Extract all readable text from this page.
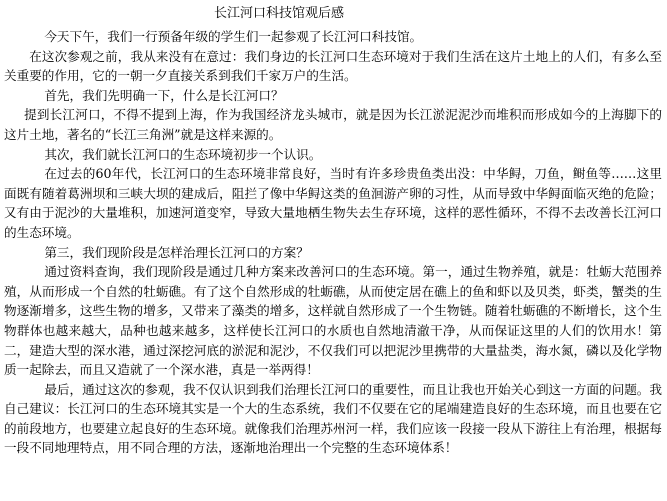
长江河口科技馆观后感

今天下午，我们一行预备年级的学生们一起参观了长江河口科技馆。

在这次参观之前，我从来没有在意过：我们身边的长江河口生态环境对于我们生活在这片土地上的人们，有多么至关重要的作用，它的一朝一夕直接关系到我们千家万户的生活。

首先，我们先明确一下，什么是长江河口？

提到长江河口，不得不提到上海，作为我国经济龙头城市，就是因为长江淤泥泥沙而堆积而形成如今的上海脚下的这片土地，著名的“长江三角洲”就是这样来源的。

其次，我们就长江河口的生态环境初步一个认识。

在过去的60年代，长江河口的生态环境非常良好，当时有许多珍贵鱼类出没：中华鲟，刀鱼，鲥鱼等……这里面既有随着葛洲坝和三峡大坝的建成后，阻拦了像中华鲟这类的鱼洄游产卵的习性，从而导致中华鲟面临灭绝的危险；又有由于泥沙的大量堆积，加速河道变窄，导致大量地栖生物失去生存环境，这样的恶性循环，不得不去改善长江河口的生态环境。

第三，我们现阶段是怎样治理长江河口的方案？

通过资料查询，我们现阶段是通过几种方案来改善河口的生态环境。第一，通过生物养殖，就是：牡蛎大范围养殖，从而形成一个自然的牡蛎礁。有了这个自然形成的牡蛎礁，从而使定居在礁上的鱼和虾以及贝类，虾类，蟹类的生物逐渐增多，这些生物的增多，又带来了藻类的增多，这样就自然形成了一个生物链。随着牡蛎礁的不断增长，这个生物群体也越来越大，品种也越来越多，这样使长江河口的水质也自然地清澈干净，从而保证这里的人们的饮用水！第二，建造大型的深水港，通过深挖河底的淤泥和泥沙，不仅我们可以把泥沙里携带的大量盐类，海水氮，磷以及化学物质一起除去，而且又造就了一个深水港，真是一举两得！

最后，通过这次的参观，我不仅认识到我们治理长江河口的重要性，而且让我也开始关心到这一方面的问题。我自己建议：长江河口的生态环境其实是一个大的生态系统，我们不仅要在它的尾端建造良好的生态环境，而且也要在它的前段地方，也要建立起良好的生态环境。就像我们治理苏州河一样，我们应该一段接一段从下游往上有治理，根据每一段不同地理特点，用不同合理的方法，逐渐地治理出一个完整的生态环境体系！
